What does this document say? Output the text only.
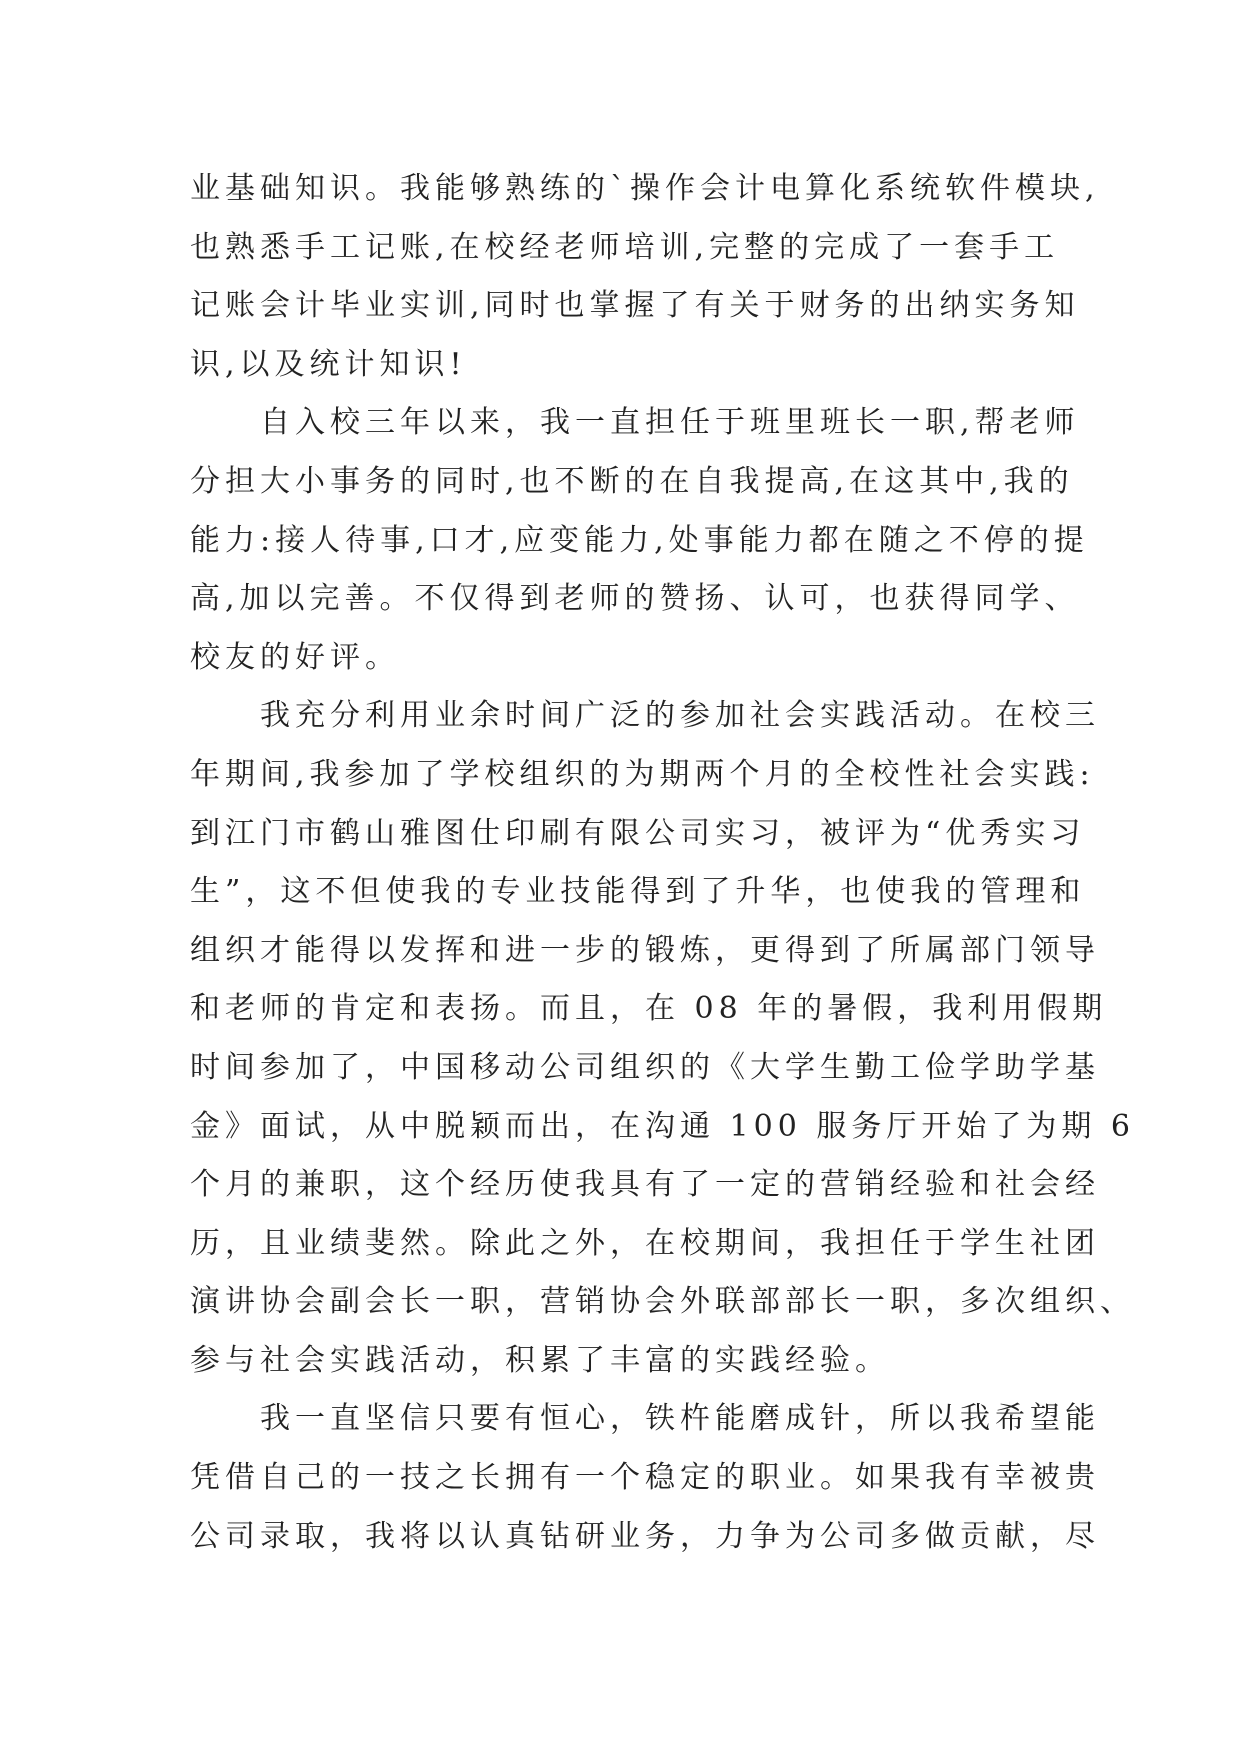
业基础知识。我能够熟练的`操作会计电算化系统软件模块,
也熟悉手工记账,在校经老师培训,完整的完成了一套手工
记账会计毕业实训,同时也掌握了有关于财务的出纳实务知
识,以及统计知识!
自入校三年以来，我一直担任于班里班长一职,帮老师
分担大小事务的同时,也不断的在自我提高,在这其中,我的
能力:接人待事,口才,应变能力,处事能力都在随之不停的提
高,加以完善。不仅得到老师的赞扬、认可，也获得同学、
校友的好评。
我充分利用业余时间广泛的参加社会实践活动。在校三
年期间,我参加了学校组织的为期两个月的全校性社会实践:
到江门市鹤山雅图仕印刷有限公司实习，被评为“优秀实习
生”，这不但使我的专业技能得到了升华，也使我的管理和
组织才能得以发挥和进一步的锻炼，更得到了所属部门领导
和老师的肯定和表扬。而且，在 08 年的暑假，我利用假期
时间参加了，中国移动公司组织的《大学生勤工俭学助学基
金》面试，从中脱颖而出，在沟通 100 服务厅开始了为期 6
个月的兼职，这个经历使我具有了一定的营销经验和社会经
历，且业绩斐然。除此之外，在校期间，我担任于学生社团
演讲协会副会长一职，营销协会外联部部长一职，多次组织、
参与社会实践活动，积累了丰富的实践经验。
我一直坚信只要有恒心，铁杵能磨成针，所以我希望能
凭借自己的一技之长拥有一个稳定的职业。如果我有幸被贵
公司录取，我将以认真钻研业务，力争为公司多做贡献，尽
